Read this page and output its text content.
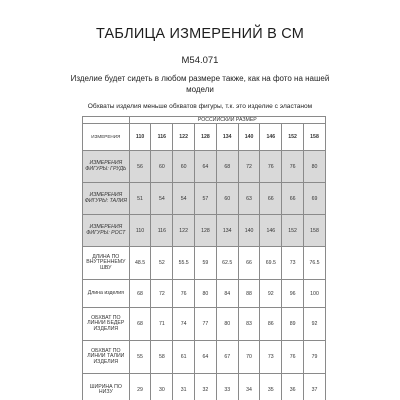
ТАБЛИЦА ИЗМЕРЕНИЙ В СМ
М54.071
Изделие будет сидеть в любом размере также, как на фото на нашей модели
Обхваты изделия меньше обхватов фигуры, т.к. это изделие с эластаном
	РОССИЙСКИЙ РАЗМЕР								
ИЗМЕРЕНИЯ	110	116	122	128	134	140	146	152	158
ИЗМЕРЕНИЯ ФИГУРЫ: ГРУДЬ	56	60	60	64	68	72	76	76	80
ИЗМЕРЕНИЯ ФИГУРЫ: ТАЛИЯ	51	54	54	57	60	63	66	66	69
ИЗМЕРЕНИЯ ФИГУРЫ: РОСТ	110	116	122	128	134	140	146	152	158
ДЛИНА ПО ВНУТРЕННЕМУ ШВУ	48.5	52	55.5	59	62.5	66	69.5	73	76.5
Длина изделия	68	72	76	80	84	88	92	96	100
ОБХВАТ ПО ЛИНИИ БЕДЕР ИЗДЕЛИЯ	68	71	74	77	80	83	86	89	92
ОБХВАТ ПО ЛИНИИ ТАЛИИ ИЗДЕЛИЯ	55	58	61	64	67	70	73	76	79
ШИРИНА ПО НИЗУ	29	30	31	32	33	34	35	36	37
